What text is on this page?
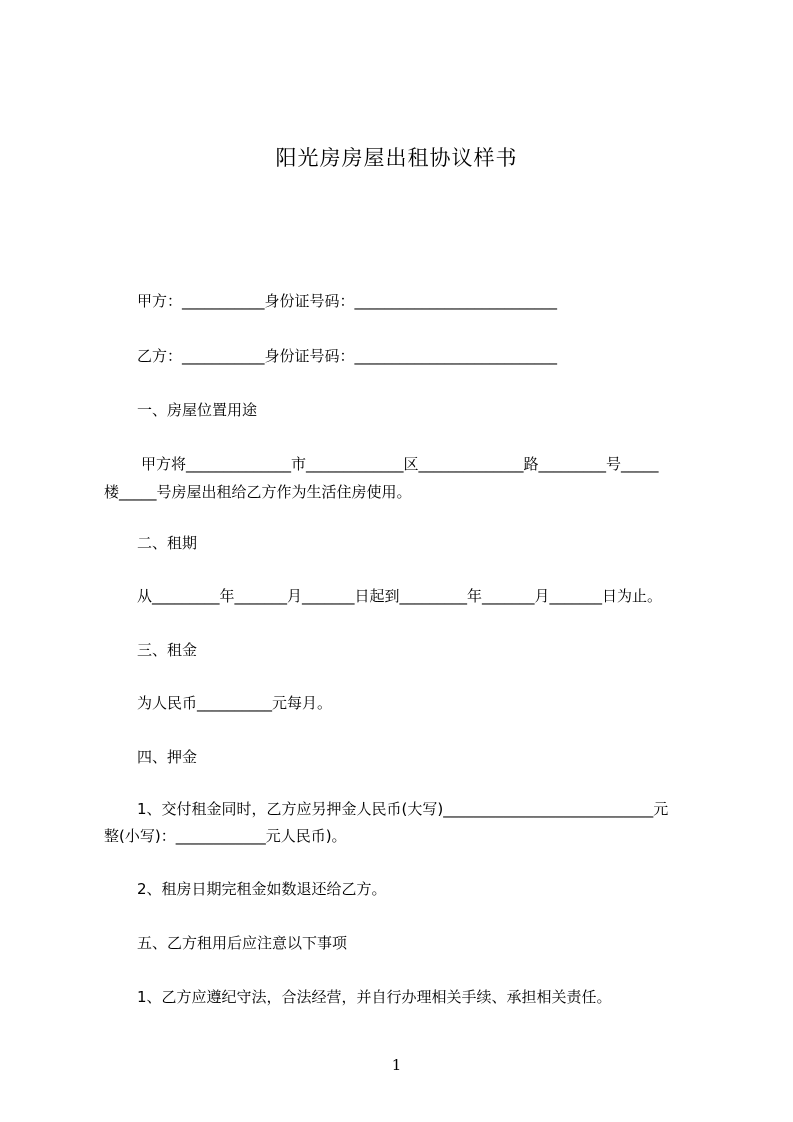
阳光房房屋出租协议样书
甲方：___________身份证号码：___________________________
乙方：___________身份证号码：___________________________
一、房屋位置用途
甲方将______________市_____________区______________路_________号_____
楼_____号房屋出租给乙方作为生活住房使用。
二、租期
从_________年_______月_______日起到_________年_______月_______日为止。
三、租金
为人民币__________元每月。
四、押金
1、交付租金同时，乙方应另押金人民币(大写)____________________________元
整(小写)：____________元人民币)。
2、租房日期完租金如数退还给乙方。
五、乙方租用后应注意以下事项
1、乙方应遵纪守法，合法经营，并自行办理相关手续、承担相关责任。
1
